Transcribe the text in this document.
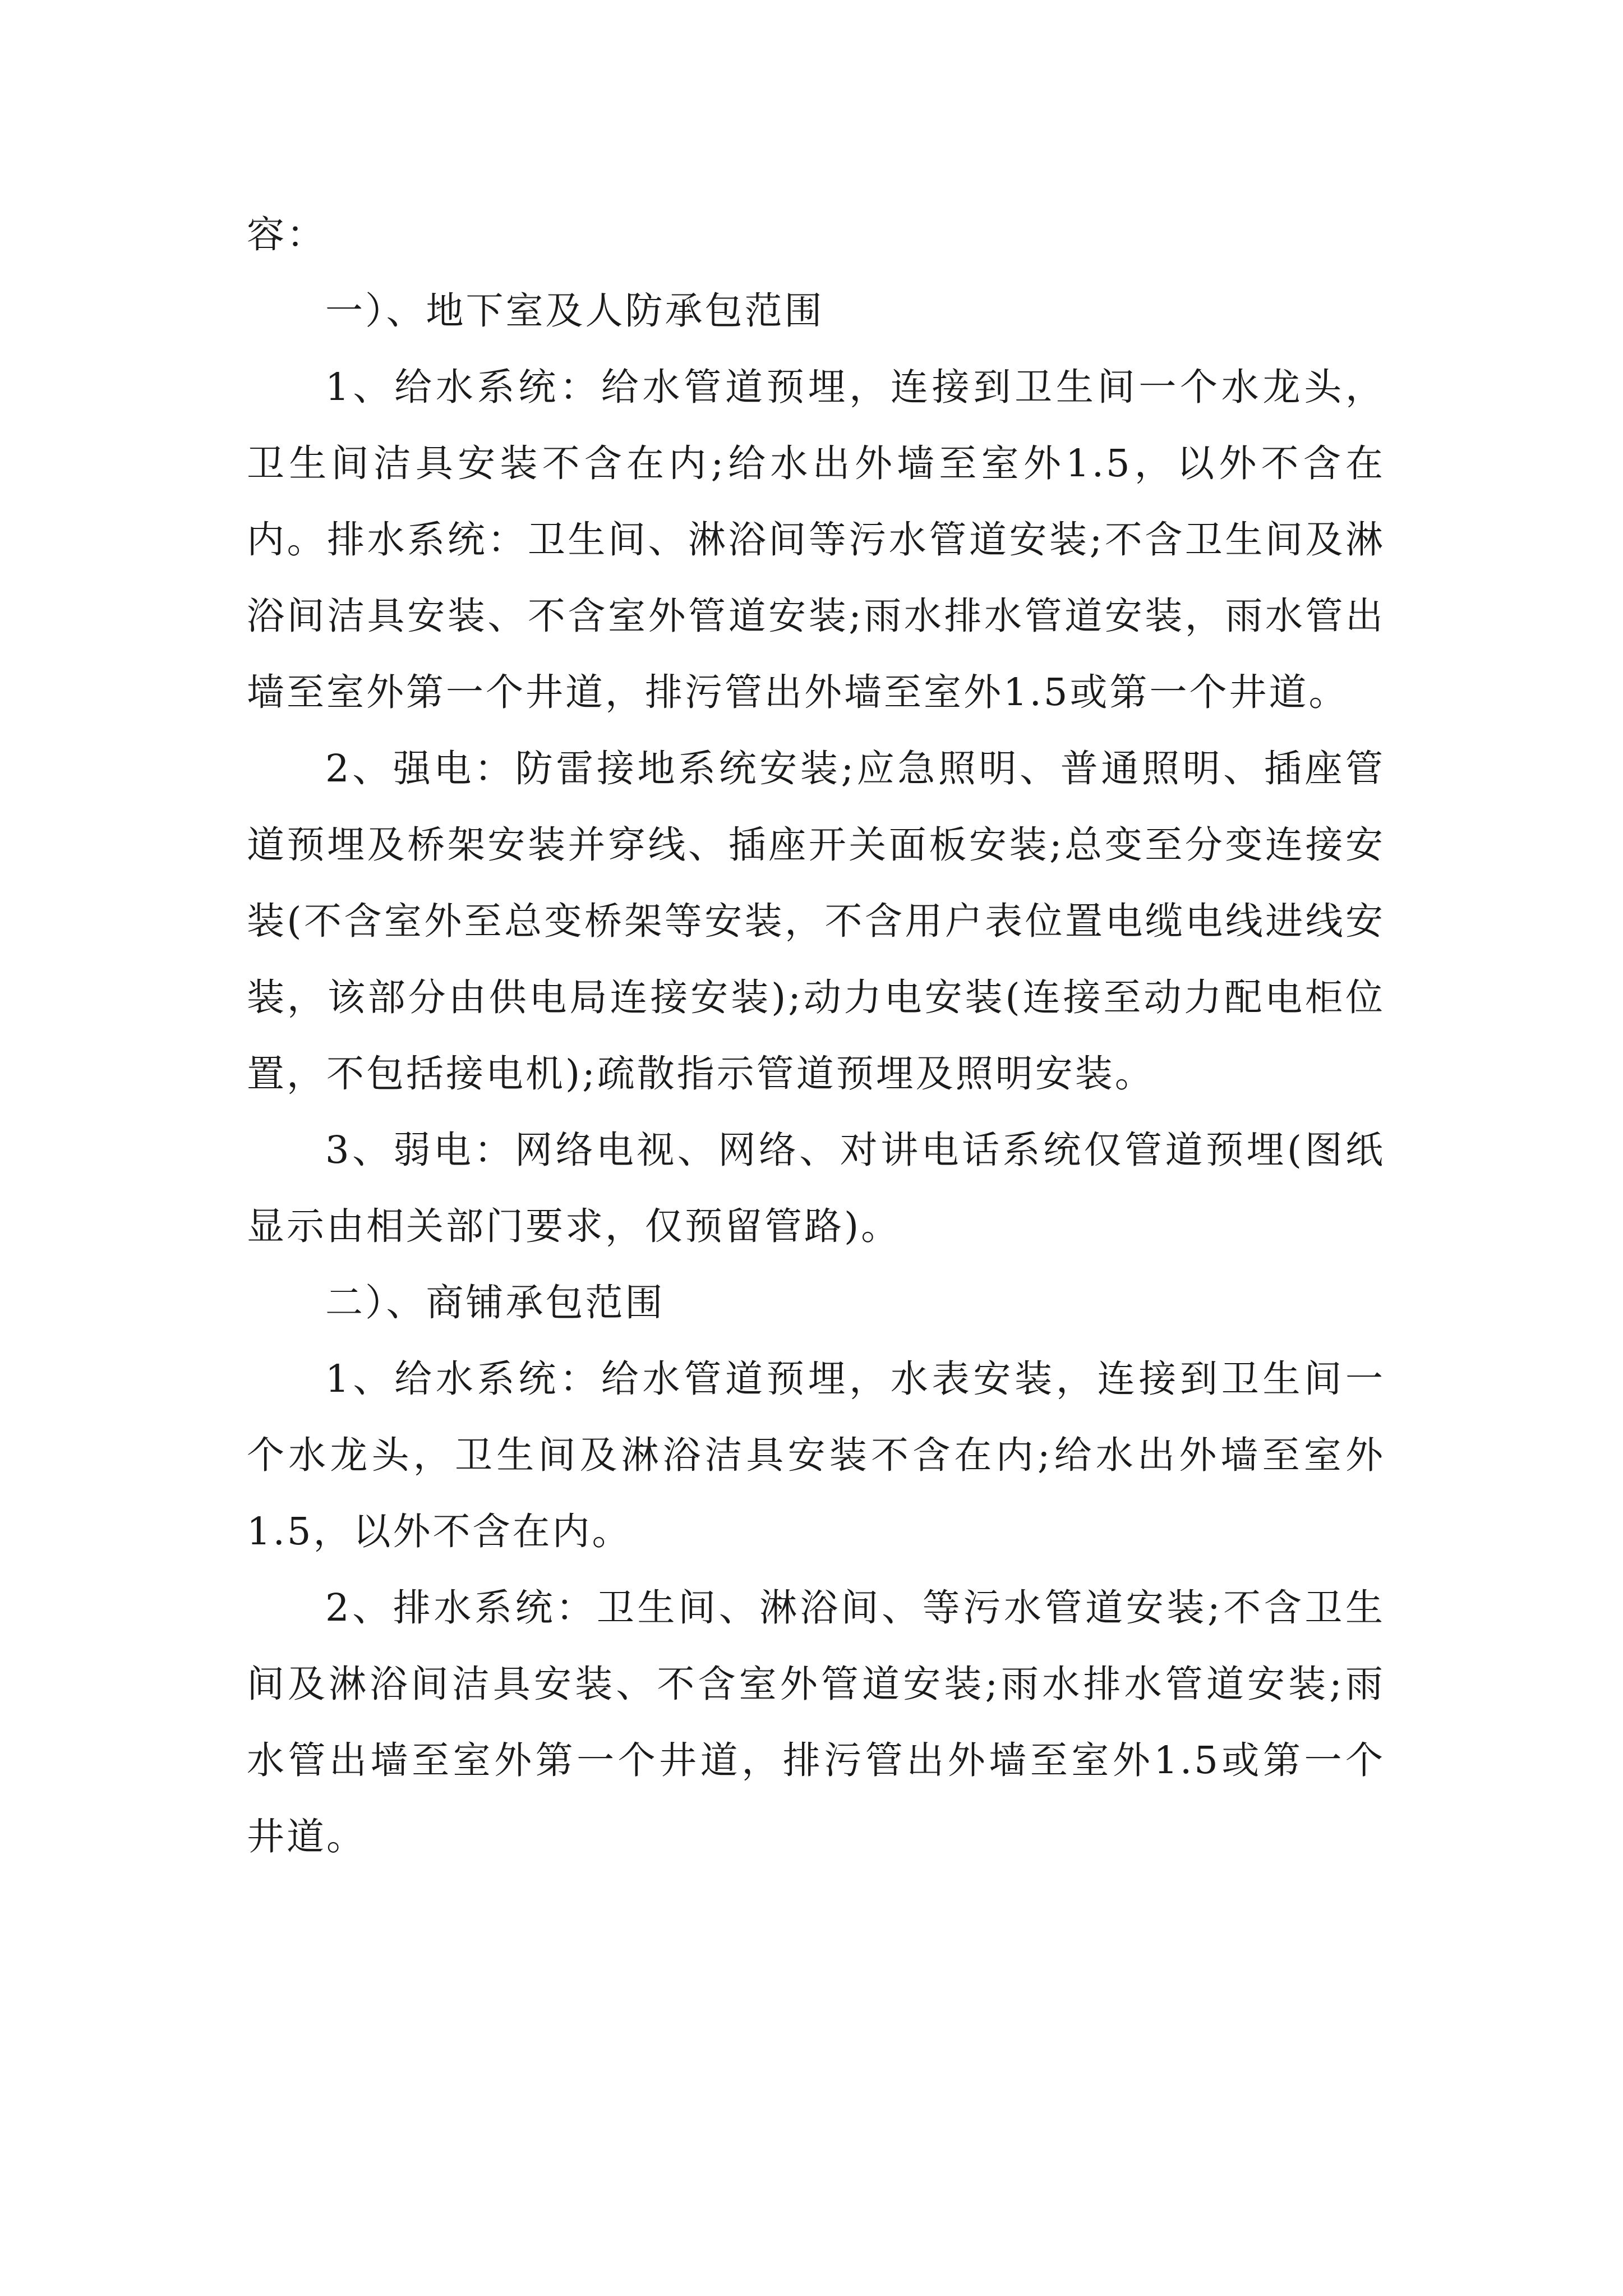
容：

一）、地下室及人防承包范围

1、给水系统：给水管道预埋，连接到卫生间一个水龙头，卫生间洁具安装不含在内;给水出外墙至室外1.5，以外不含在内。排水系统：卫生间、淋浴间等污水管道安装;不含卫生间及淋浴间洁具安装、不含室外管道安装;雨水排水管道安装，雨水管出墙至室外第一个井道，排污管出外墙至室外1.5或第一个井道。

2、强电：防雷接地系统安装;应急照明、普通照明、插座管道预埋及桥架安装并穿线、插座开关面板安装;总变至分变连接安装(不含室外至总变桥架等安装，不含用户表位置电缆电线进线安装，该部分由供电局连接安装);动力电安装(连接至动力配电柜位置，不包括接电机);疏散指示管道预埋及照明安装。

3、弱电：网络电视、网络、对讲电话系统仅管道预埋(图纸显示由相关部门要求，仅预留管路)。

二）、商铺承包范围

1、给水系统：给水管道预埋，水表安装，连接到卫生间一个水龙头，卫生间及淋浴洁具安装不含在内;给水出外墙至室外1.5，以外不含在内。

2、排水系统：卫生间、淋浴间、等污水管道安装;不含卫生间及淋浴间洁具安装、不含室外管道安装;雨水排水管道安装;雨水管出墙至室外第一个井道，排污管出外墙至室外1.5或第一个井道。
